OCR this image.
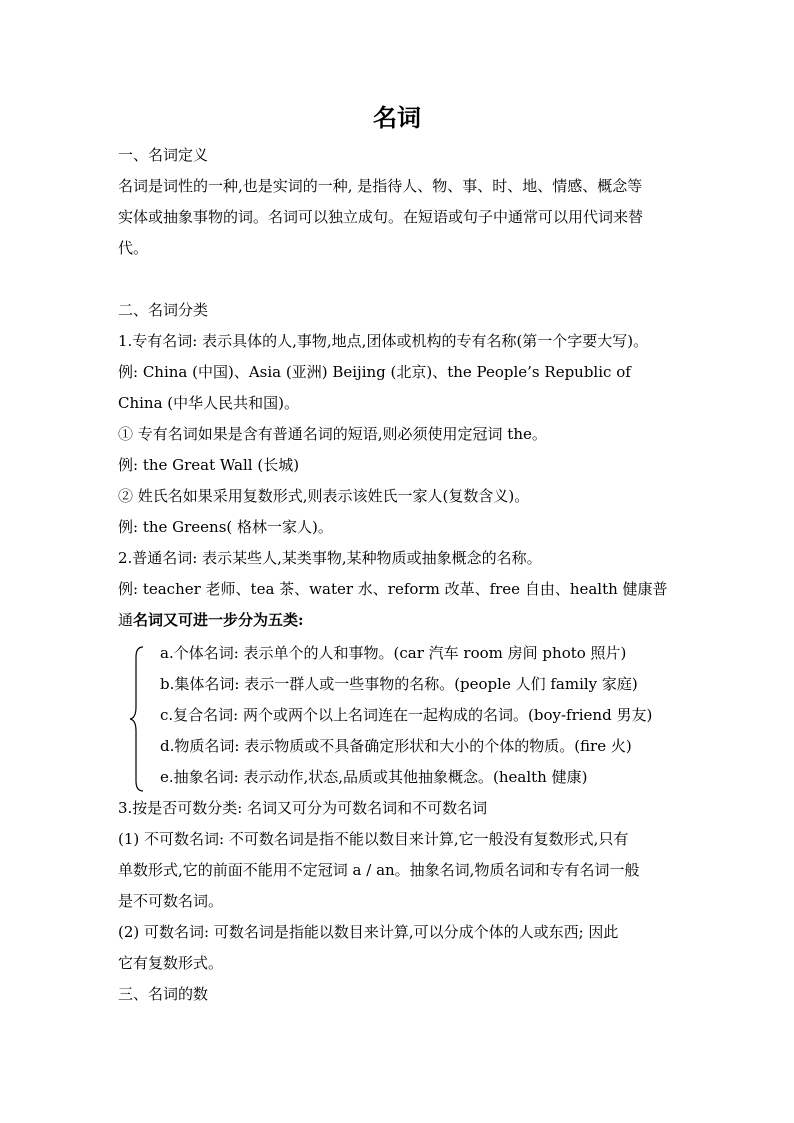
名词
一、名词定义
名词是词性的一种,也是实词的一种, 是指待人、物、事、时、地、情感、概念等
实体或抽象事物的词。名词可以独立成句。在短语或句子中通常可以用代词来替
代。
二、名词分类
1.专有名词: 表示具体的人,事物,地点,团体或机构的专有名称(第一个字要大写)。
例: China (中国)、Asia (亚洲) Beijing (北京)、the People’s Republic of
China (中华人民共和国)。
① 专有名词如果是含有普通名词的短语,则必须使用定冠词 the。
例: the Great Wall (长城)
② 姓氏名如果采用复数形式,则表示该姓氏一家人(复数含义)。
例: the Greens( 格林一家人)。
2.普通名词: 表示某些人,某类事物,某种物质或抽象概念的名称。
例: teacher 老师、tea 茶、water 水、reform 改革、free 自由、health 健康普
通名词又可进一步分为五类:
a.个体名词: 表示单个的人和事物。(car 汽车 room 房间 photo 照片)
b.集体名词: 表示一群人或一些事物的名称。(people 人们 family 家庭)
c.复合名词: 两个或两个以上名词连在一起构成的名词。(boy-friend 男友)
d.物质名词: 表示物质或不具备确定形状和大小的个体的物质。(fire 火)
e.抽象名词: 表示动作,状态,品质或其他抽象概念。(health 健康)
3.按是否可数分类: 名词又可分为可数名词和不可数名词
(1) 不可数名词: 不可数名词是指不能以数目来计算,它一般没有复数形式,只有
单数形式,它的前面不能用不定冠词 a / an。抽象名词,物质名词和专有名词一般
是不可数名词。
(2) 可数名词: 可数名词是指能以数目来计算,可以分成个体的人或东西; 因此
它有复数形式。
三、名词的数
